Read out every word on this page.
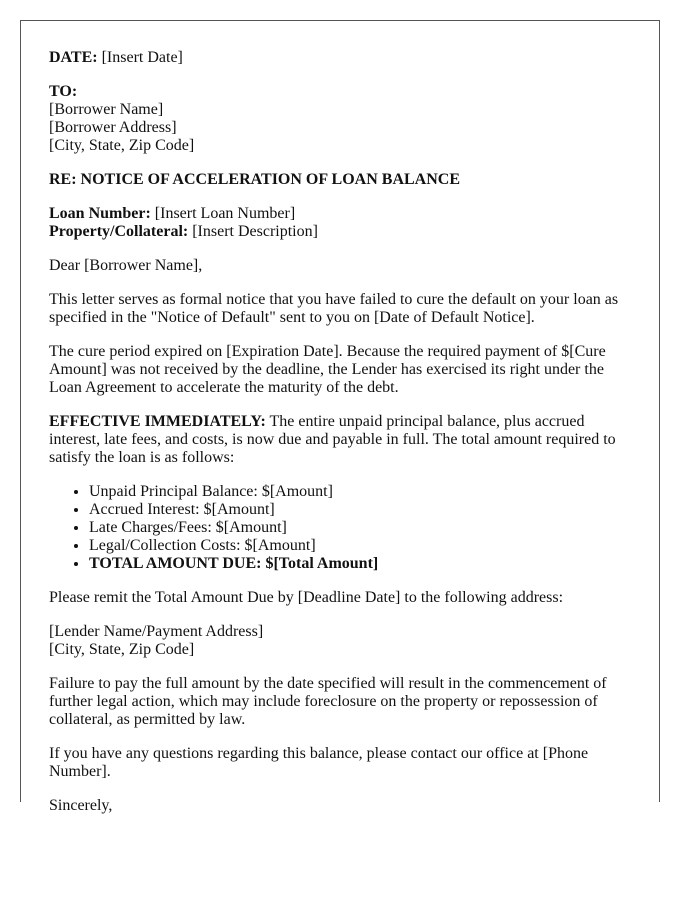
DATE: [Insert Date]

TO:
[Borrower Name]
[Borrower Address]
[City, State, Zip Code]

RE: NOTICE OF ACCELERATION OF LOAN BALANCE

Loan Number: [Insert Loan Number]
Property/Collateral: [Insert Description]

Dear [Borrower Name],

This letter serves as formal notice that you have failed to cure the default on your loan as specified in the "Notice of Default" sent to you on [Date of Default Notice].

The cure period expired on [Expiration Date]. Because the required payment of $[Cure Amount] was not received by the deadline, the Lender has exercised its right under the Loan Agreement to accelerate the maturity of the debt.

EFFECTIVE IMMEDIATELY: The entire unpaid principal balance, plus accrued interest, late fees, and costs, is now due and payable in full. The total amount required to satisfy the loan is as follows:

• Unpaid Principal Balance: $[Amount]
• Accrued Interest: $[Amount]
• Late Charges/Fees: $[Amount]
• Legal/Collection Costs: $[Amount]
• TOTAL AMOUNT DUE: $[Total Amount]

Please remit the Total Amount Due by [Deadline Date] to the following address:

[Lender Name/Payment Address]
[City, State, Zip Code]

Failure to pay the full amount by the date specified will result in the commencement of further legal action, which may include foreclosure on the property or repossession of collateral, as permitted by law.

If you have any questions regarding this balance, please contact our office at [Phone Number].

Sincerely,
